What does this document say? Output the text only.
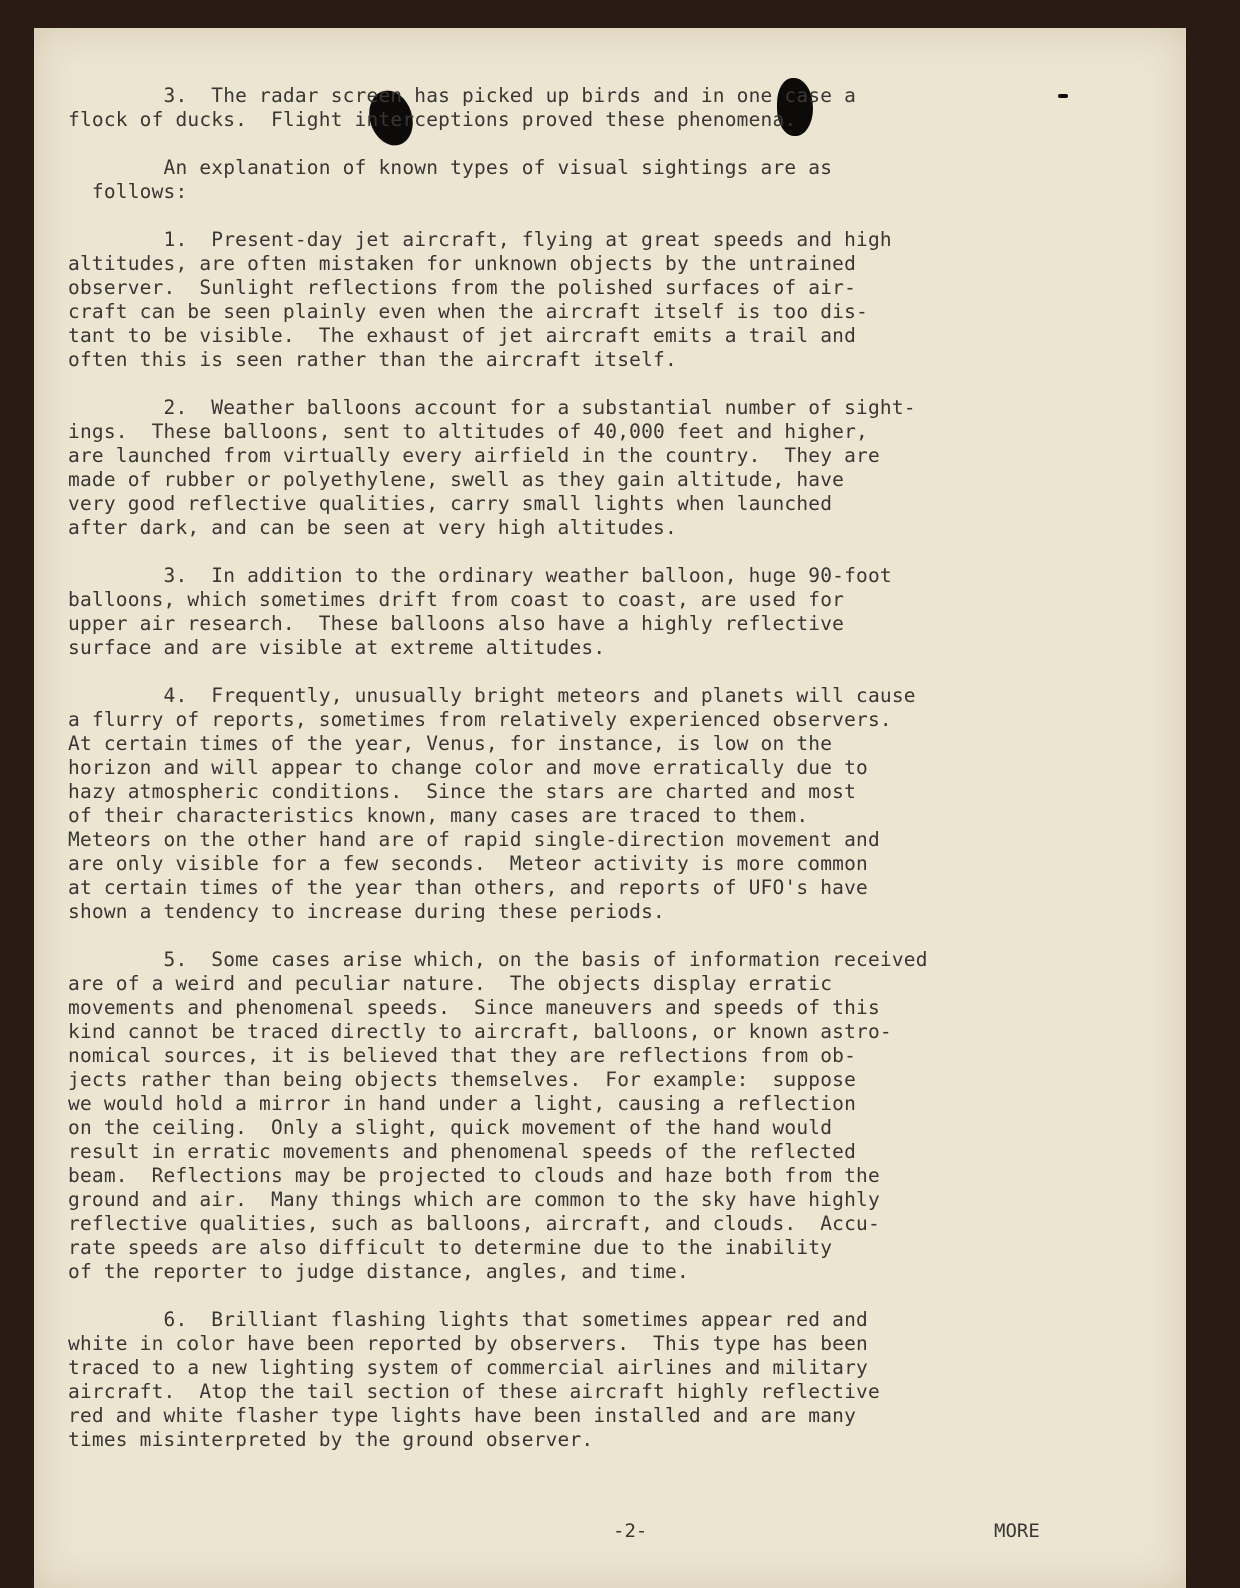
3.  The radar screen has picked up birds and in one case a
flock of ducks.  Flight interceptions proved these phenomena.

An explanation of known types of visual sightings are as
follows:

1.  Present-day jet aircraft, flying at great speeds and high
altitudes, are often mistaken for unknown objects by the untrained
observer.  Sunlight reflections from the polished surfaces of air-
craft can be seen plainly even when the aircraft itself is too dis-
tant to be visible.  The exhaust of jet aircraft emits a trail and
often this is seen rather than the aircraft itself.

2.  Weather balloons account for a substantial number of sight-
ings.  These balloons, sent to altitudes of 40,000 feet and higher,
are launched from virtually every airfield in the country.  They are
made of rubber or polyethylene, swell as they gain altitude, have
very good reflective qualities, carry small lights when launched
after dark, and can be seen at very high altitudes.

3.  In addition to the ordinary weather balloon, huge 90-foot
balloons, which sometimes drift from coast to coast, are used for
upper air research.  These balloons also have a highly reflective
surface and are visible at extreme altitudes.

4.  Frequently, unusually bright meteors and planets will cause
a flurry of reports, sometimes from relatively experienced observers.
At certain times of the year, Venus, for instance, is low on the
horizon and will appear to change color and move erratically due to
hazy atmospheric conditions.  Since the stars are charted and most
of their characteristics known, many cases are traced to them.
Meteors on the other hand are of rapid single-direction movement and
are only visible for a few seconds.  Meteor activity is more common
at certain times of the year than others, and reports of UFO's have
shown a tendency to increase during these periods.

5.  Some cases arise which, on the basis of information received
are of a weird and peculiar nature.  The objects display erratic
movements and phenomenal speeds.  Since maneuvers and speeds of this
kind cannot be traced directly to aircraft, balloons, or known astro-
nomical sources, it is believed that they are reflections from ob-
jects rather than being objects themselves.  For example:  suppose
we would hold a mirror in hand under a light, causing a reflection
on the ceiling.  Only a slight, quick movement of the hand would
result in erratic movements and phenomenal speeds of the reflected
beam.  Reflections may be projected to clouds and haze both from the
ground and air.  Many things which are common to the sky have highly
reflective qualities, such as balloons, aircraft, and clouds.  Accu-
rate speeds are also difficult to determine due to the inability
of the reporter to judge distance, angles, and time.

6.  Brilliant flashing lights that sometimes appear red and
white in color have been reported by observers.  This type has been
traced to a new lighting system of commercial airlines and military
aircraft.  Atop the tail section of these aircraft highly reflective
red and white flasher type lights have been installed and are many
times misinterpreted by the ground observer.

-2-	MORE
